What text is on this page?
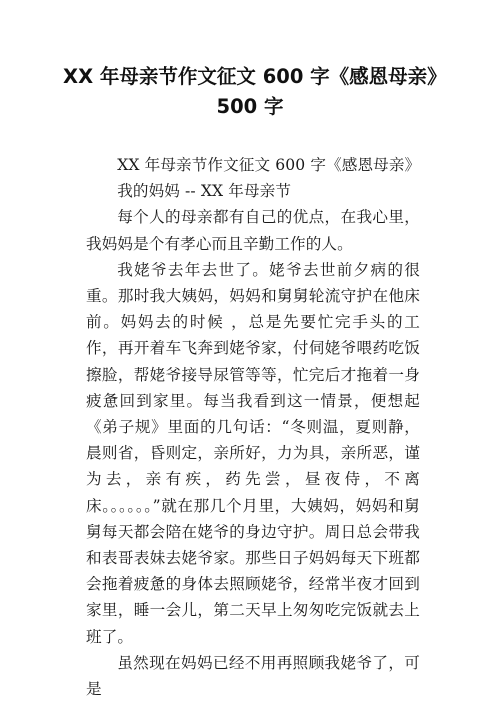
XX 年母亲节作文征文 600 字《感恩母亲》500 字

XX 年母亲节作文征文 600 字《感恩母亲》

我的妈妈 -- XX 年母亲节

每个人的母亲都有自己的优点，在我心里，我妈妈是个有孝心而且辛勤工作的人。

我姥爷去年去世了。姥爷去世前夕病的很重。那时我大姨妈，妈妈和舅舅轮流守护在他床前。妈妈去的时候 ，总是先要忙完手头的工作，再开着车飞奔到姥爷家，付伺姥爷喂药吃饭擦脸，帮姥爷接导尿管等等，忙完后才拖着一身疲惫回到家里。每当我看到这一情景，便想起《弟子规》里面的几句话：“冬则温，夏则静，晨则省，昏则定，亲所好，力为具，亲所恶，谨为去，亲有疾，药先尝，昼夜侍，不离床。。。。。。”就在那几个月里，大姨妈，妈妈和舅舅每天都会陪在姥爷的身边守护。周日总会带我和表哥表妹去姥爷家。那些日子妈妈每天下班都会拖着疲惫的身体去照顾姥爷，经常半夜才回到家里，睡一会儿，第二天早上匆匆吃完饭就去上班了。

虽然现在妈妈已经不用再照顾我姥爷了，可是
